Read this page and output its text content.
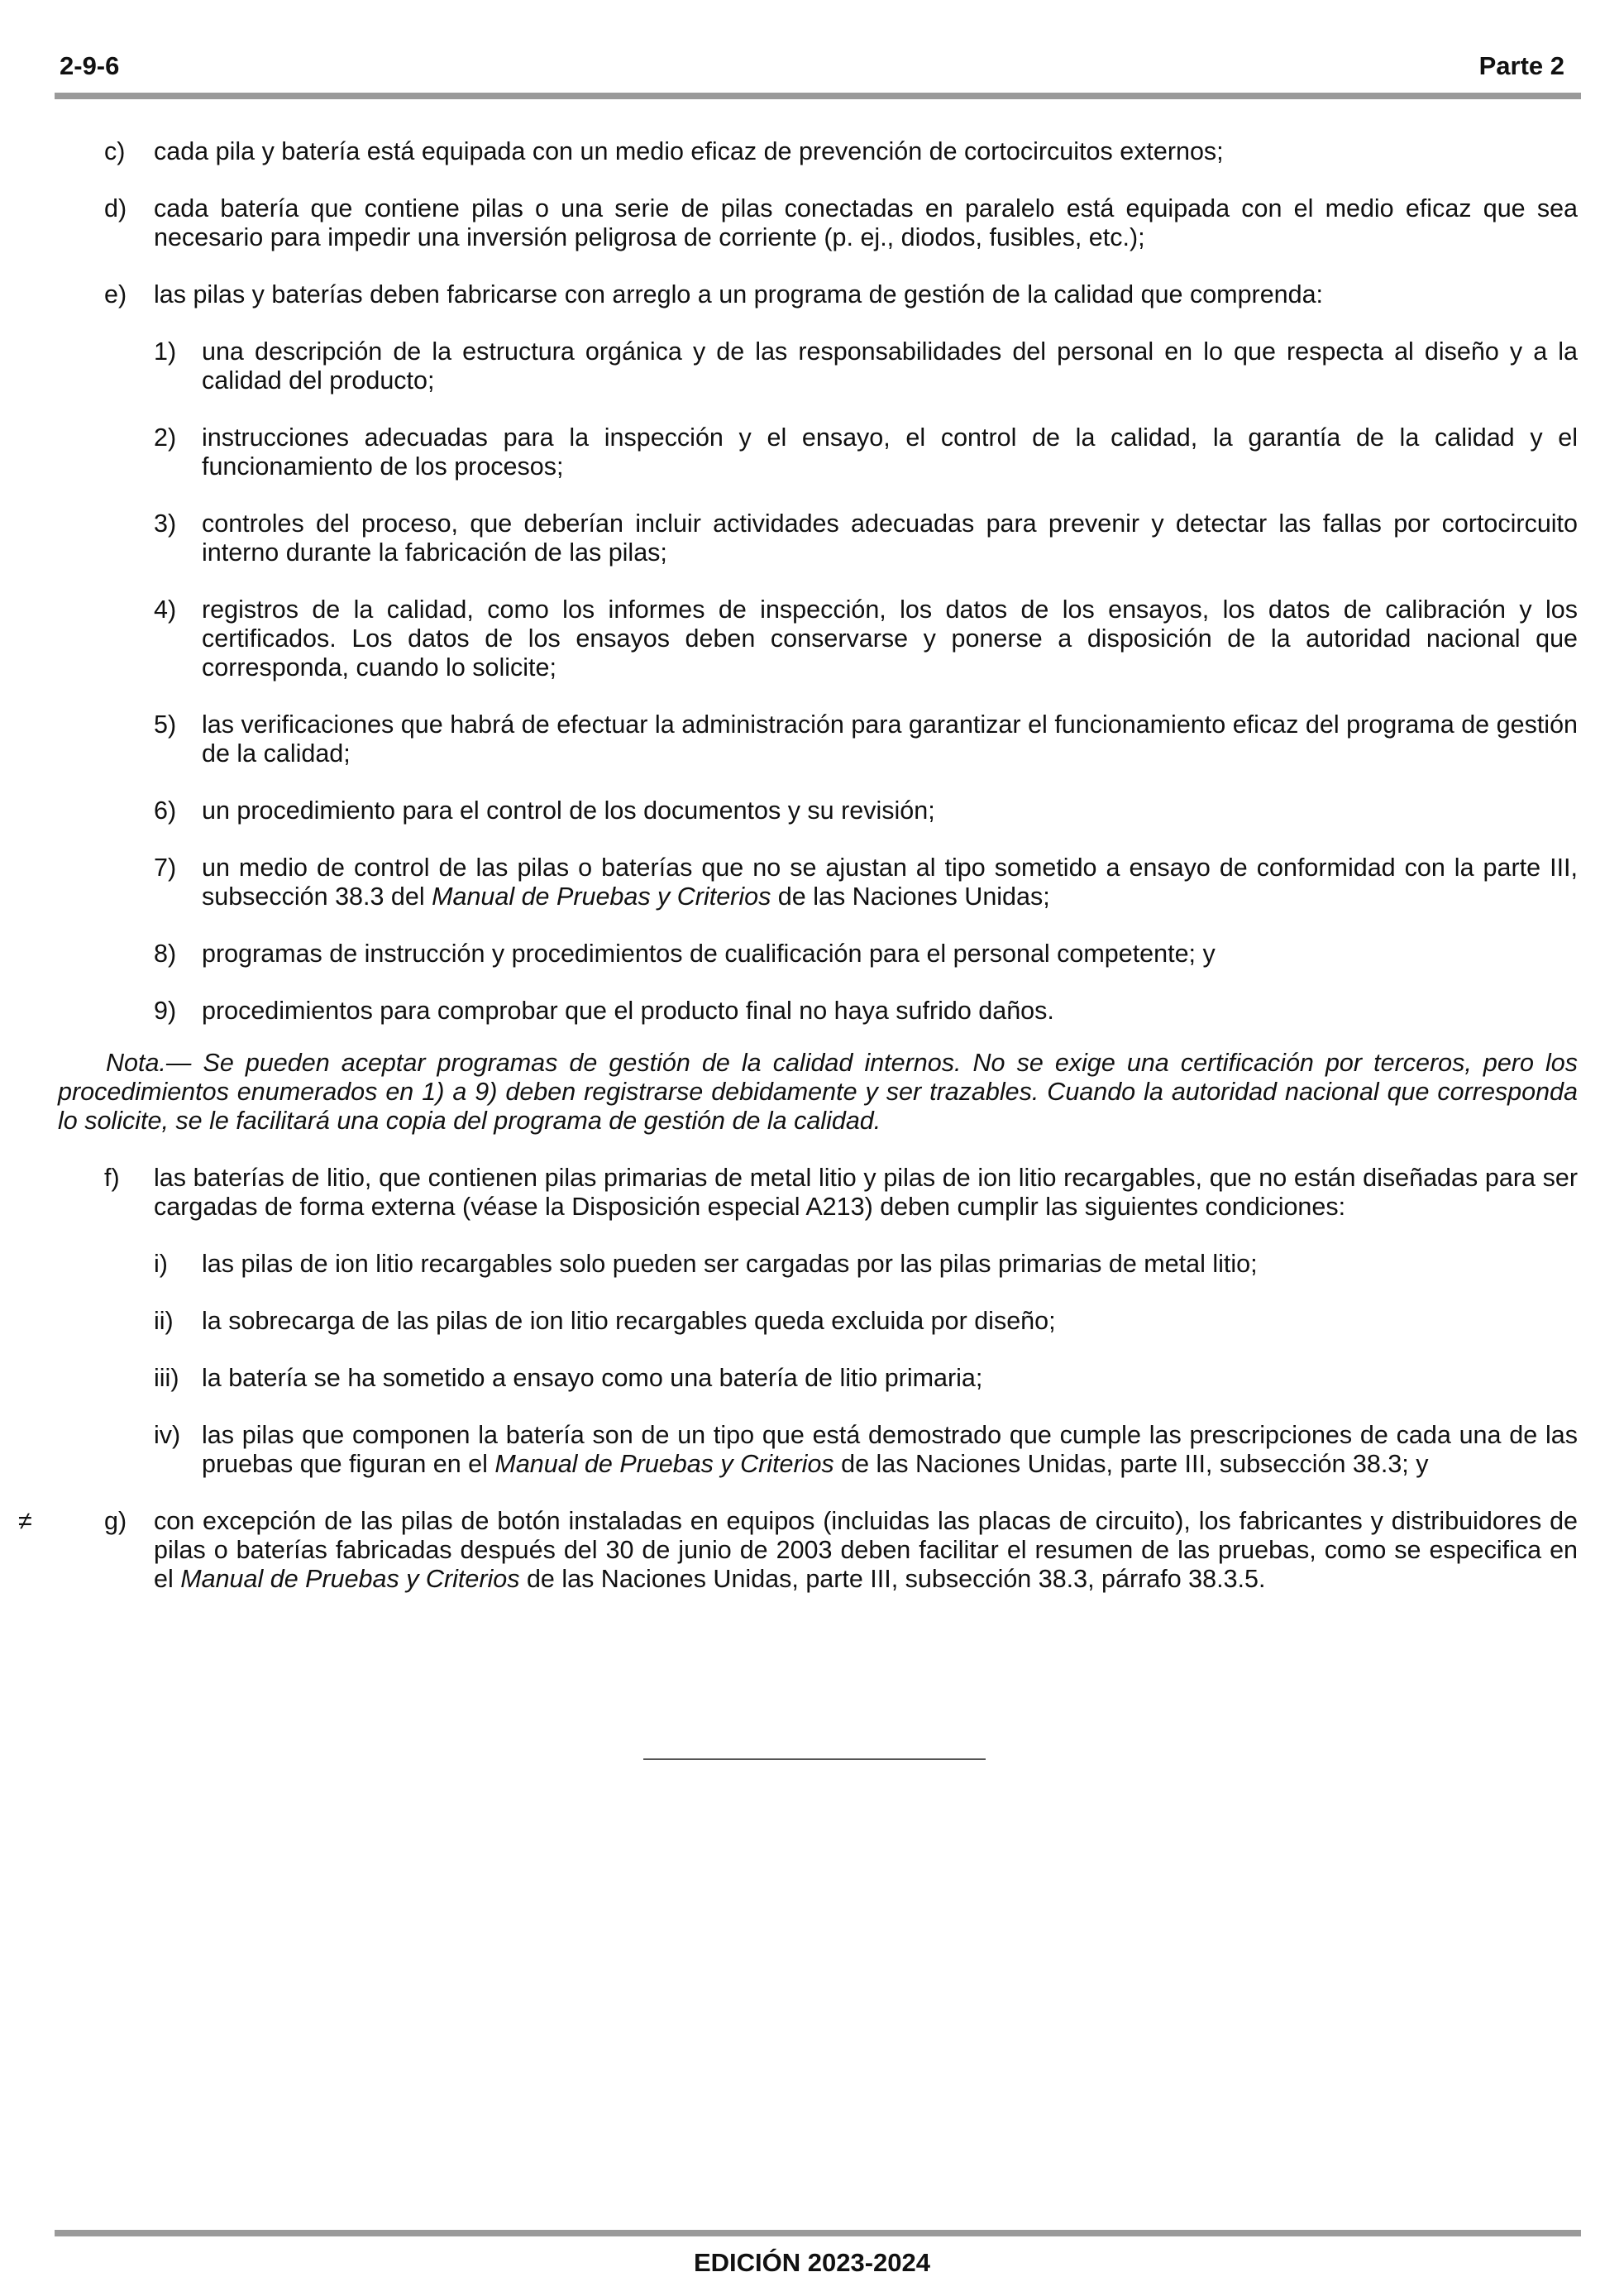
2-9-6	Parte 2
c) cada pila y batería está equipada con un medio eficaz de prevención de cortocircuitos externos;
d) cada batería que contiene pilas o una serie de pilas conectadas en paralelo está equipada con el medio eficaz que sea necesario para impedir una inversión peligrosa de corriente (p. ej., diodos, fusibles, etc.);
e) las pilas y baterías deben fabricarse con arreglo a un programa de gestión de la calidad que comprenda:
1) una descripción de la estructura orgánica y de las responsabilidades del personal en lo que respecta al diseño y a la calidad del producto;
2) instrucciones adecuadas para la inspección y el ensayo, el control de la calidad, la garantía de la calidad y el funcionamiento de los procesos;
3) controles del proceso, que deberían incluir actividades adecuadas para prevenir y detectar las fallas por cortocircuito interno durante la fabricación de las pilas;
4) registros de la calidad, como los informes de inspección, los datos de los ensayos, los datos de calibración y los certificados. Los datos de los ensayos deben conservarse y ponerse a disposición de la autoridad nacional que corresponda, cuando lo solicite;
5) las verificaciones que habrá de efectuar la administración para garantizar el funcionamiento eficaz del programa de gestión de la calidad;
6) un procedimiento para el control de los documentos y su revisión;
7) un medio de control de las pilas o baterías que no se ajustan al tipo sometido a ensayo de conformidad con la parte III, subsección 38.3 del Manual de Pruebas y Criterios de las Naciones Unidas;
8) programas de instrucción y procedimientos de cualificación para el personal competente; y
9) procedimientos para comprobar que el producto final no haya sufrido daños.
Nota.— Se pueden aceptar programas de gestión de la calidad internos. No se exige una certificación por terceros, pero los procedimientos enumerados en 1) a 9) deben registrarse debidamente y ser trazables. Cuando la autoridad nacional que corresponda lo solicite, se le facilitará una copia del programa de gestión de la calidad.
f) las baterías de litio, que contienen pilas primarias de metal litio y pilas de ion litio recargables, que no están diseñadas para ser cargadas de forma externa (véase la Disposición especial A213) deben cumplir las siguientes condiciones:
i) las pilas de ion litio recargables solo pueden ser cargadas por las pilas primarias de metal litio;
ii) la sobrecarga de las pilas de ion litio recargables queda excluida por diseño;
iii) la batería se ha sometido a ensayo como una batería de litio primaria;
iv) las pilas que componen la batería son de un tipo que está demostrado que cumple las prescripciones de cada una de las pruebas que figuran en el Manual de Pruebas y Criterios de las Naciones Unidas, parte III, subsección 38.3; y
≠	g) con excepción de las pilas de botón instaladas en equipos (incluidas las placas de circuito), los fabricantes y distribuidores de pilas o baterías fabricadas después del 30 de junio de 2003 deben facilitar el resumen de las pruebas, como se especifica en el Manual de Pruebas y Criterios de las Naciones Unidas, parte III, subsección 38.3, párrafo 38.3.5.
EDICIÓN 2023-2024
